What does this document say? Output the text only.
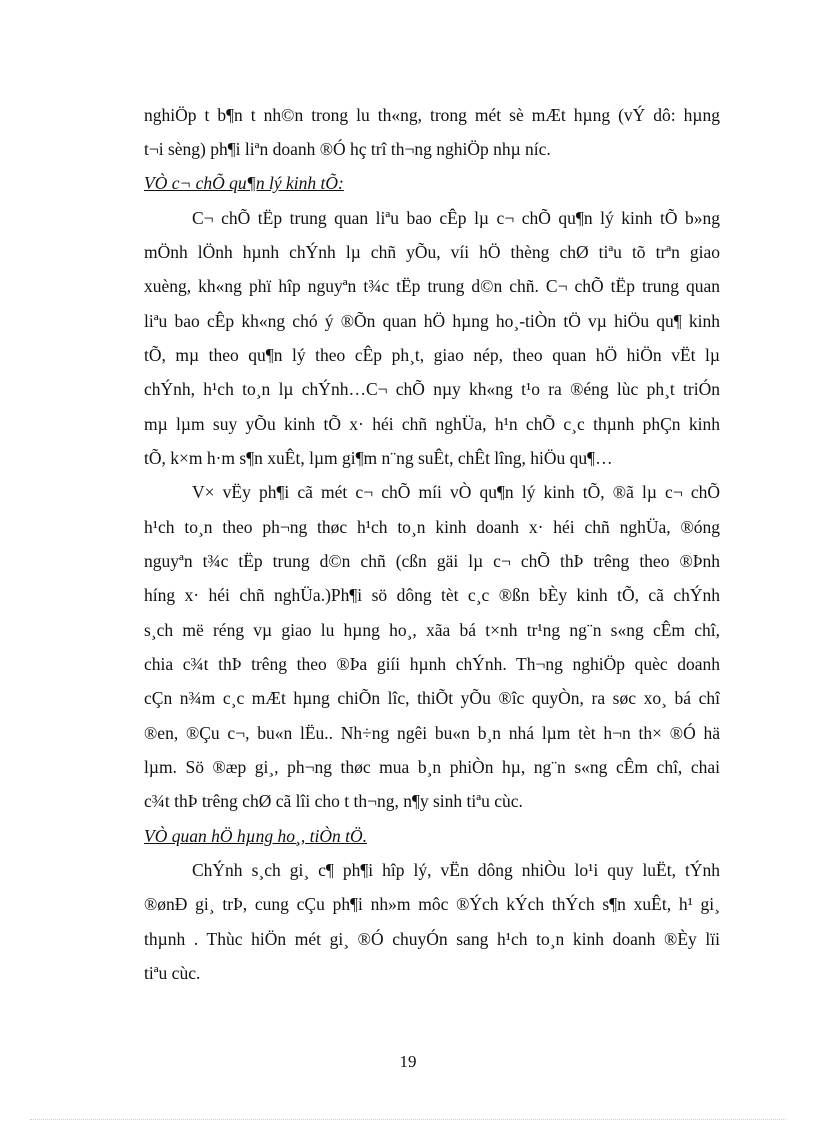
nghiÖp t b¶n t nh©n trong lu th«ng, trong mét sè mÆt hµng (vÝ dô: hµng
t¬i sèng) ph¶i liªn doanh ®Ó hç trî th¬ng nghiÖp nhµ níc.
VÒ c¬ chÕ qu¶n lý kinh tÕ:
C¬ chÕ tËp trung quan liªu bao cÊp lµ c¬ chÕ qu¶n lý kinh tÕ b»ng
mÖnh lÖnh hµnh chÝnh lµ chñ yÕu, víi hÖ thèng chØ tiªu tõ trªn giao
xuèng, kh«ng phï hîp nguyªn t¾c tËp trung d©n chñ. C¬ chÕ tËp trung quan
liªu bao cÊp kh«ng chó ý ®Õn quan hÖ hµng ho¸-tiÒn tÖ vµ hiÖu qu¶ kinh
tÕ, mµ theo qu¶n lý theo cÊp ph¸t, giao nép, theo quan hÖ hiÖn vËt lµ
chÝnh, h¹ch to¸n lµ chÝnh…C¬ chÕ nµy kh«ng t¹o ra ®éng lùc ph¸t triÓn
mµ lµm suy yÕu kinh tÕ x· héi chñ nghÜa, h¹n chÕ c¸c thµnh phÇn kinh
tÕ, k×m h·m s¶n xuÊt, lµm gi¶m n¨ng suÊt, chÊt lîng, hiÖu qu¶…
V× vËy ph¶i cã mét c¬ chÕ míi vÒ qu¶n lý kinh tÕ, ®ã lµ c¬ chÕ
h¹ch to¸n theo ph¬ng thøc h¹ch to¸n kinh doanh x· héi chñ nghÜa, ®óng
nguyªn t¾c tËp trung d©n chñ (cßn gäi lµ c¬ chÕ thÞ trêng theo ®Þnh
híng x· héi chñ nghÜa.)Ph¶i sö dông tèt c¸c ®ßn bÈy kinh tÕ, cã chÝnh
s¸ch më réng vµ giao lu hµng ho¸, xãa bá t×nh tr¹ng ng¨n s«ng cÊm chî,
chia c¾t thÞ trêng theo ®Þa giíi hµnh chÝnh. Th¬ng nghiÖp quèc doanh
cÇn n¾m c¸c mÆt hµng chiÕn lîc, thiÕt yÕu ®îc quyÒn, ra søc xo¸ bá chî
®en, ®Çu c¬, bu«n lËu.. Nh÷ng ngêi bu«n b¸n nhá lµm tèt h¬n th× ®Ó hä
lµm. Sö ®æp gi¸, ph¬ng thøc mua b¸n phiÒn hµ, ng¨n s«ng cÊm chî, chai
c¾t thÞ trêng chØ cã lîi cho t th¬ng, n¶y sinh tiªu cùc.
VÒ quan hÖ hµng ho¸, tiÒn tÖ.
ChÝnh s¸ch gi¸ c¶ ph¶i hîp lý, vËn dông nhiÒu lo¹i quy luËt, tÝnh
®ønÐ gi¸ trÞ, cung cÇu ph¶i nh»m môc ®Ých kÝch thÝch s¶n xuÊt, h¹ gi¸
thµnh . Thùc hiÖn mét gi¸ ®Ó chuyÓn sang h¹ch to¸n kinh doanh ®Èy lïi
tiªu cùc.
19
